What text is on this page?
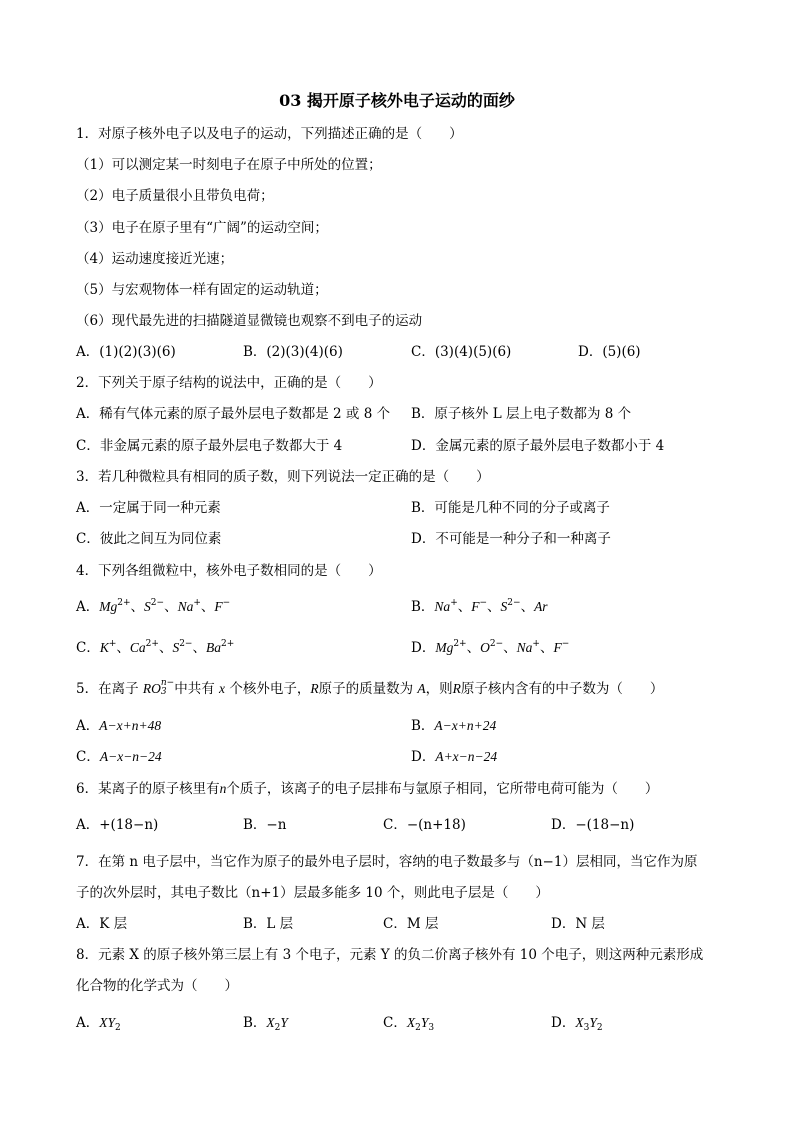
03 揭开原子核外电子运动的面纱
1．对原子核外电子以及电子的运动，下列描述正确的是（　　）
（1）可以测定某一时刻电子在原子中所处的位置；
（2）电子质量很小且带负电荷；
（3）电子在原子里有“广阔”的运动空间；
（4）运动速度接近光速；
（5）与宏观物体一样有固定的运动轨道；
（6）现代最先进的扫描隧道显微镜也观察不到电子的运动
A．(1)(2)(3)(6)	B．(2)(3)(4)(6)	C．(3)(4)(5)(6)	D．(5)(6)
2．下列关于原子结构的说法中，正确的是（　　）
A．稀有气体元素的原子最外层电子数都是 2 或 8 个 B．原子核外 L 层上电子数都为 8 个
C．非金属元素的原子最外层电子数都大于 4	D．金属元素的原子最外层电子数都小于 4
3．若几种微粒具有相同的质子数，则下列说法一定正确的是（　　）
A．一定属于同一种元素	B．可能是几种不同的分子或离子
C．彼此之间互为同位素	D．不可能是一种分子和一种离子
4．下列各组微粒中，核外电子数相同的是（　　）
A．$Mg^{2+}$、$S^{2-}$、Na+、F−	B．Na+、F−、$S^{2-}$、Ar
C．K+、$Ca^{2+}$、$S^{2-}$、$Ba^{2+}$	D．$Mg^{2+}$、$O^{2-}$、Na+、F−
5．在离子 RO n−
3 中共有 x 个核外电子，R原子的质量数为 A，则R原子核内含有的中子数为（　　）
A．A−x+n+48	B．A−x+n+24
C．A−x−n−24	D．A+x−n−24
6．某离子的原子核里有n个质子，该离子的电子层排布与氩原子相同，它所带电荷可能为（　　）
A．+(18−n)	B．−n	C．−(n+18)	D．−(18−n)
7．在第 n 电子层中，当它作为原子的最外电子层时，容纳的电子数最多与（n−1）层相同，当它作为原
子的次外层时，其电子数比（n+1）层最多能多 10 个，则此电子层是（　　）
A．K 层	B．L 层	C．M 层	D．N 层
8．元素 X 的原子核外第三层上有 3 个电子，元素 Y 的负二价离子核外有 10 个电子，则这两种元素形成
化合物的化学式为（　　）
A．$XY_2$	B．$X_2Y$	C．$X_2Y_3$	D．$X_3Y_2$
